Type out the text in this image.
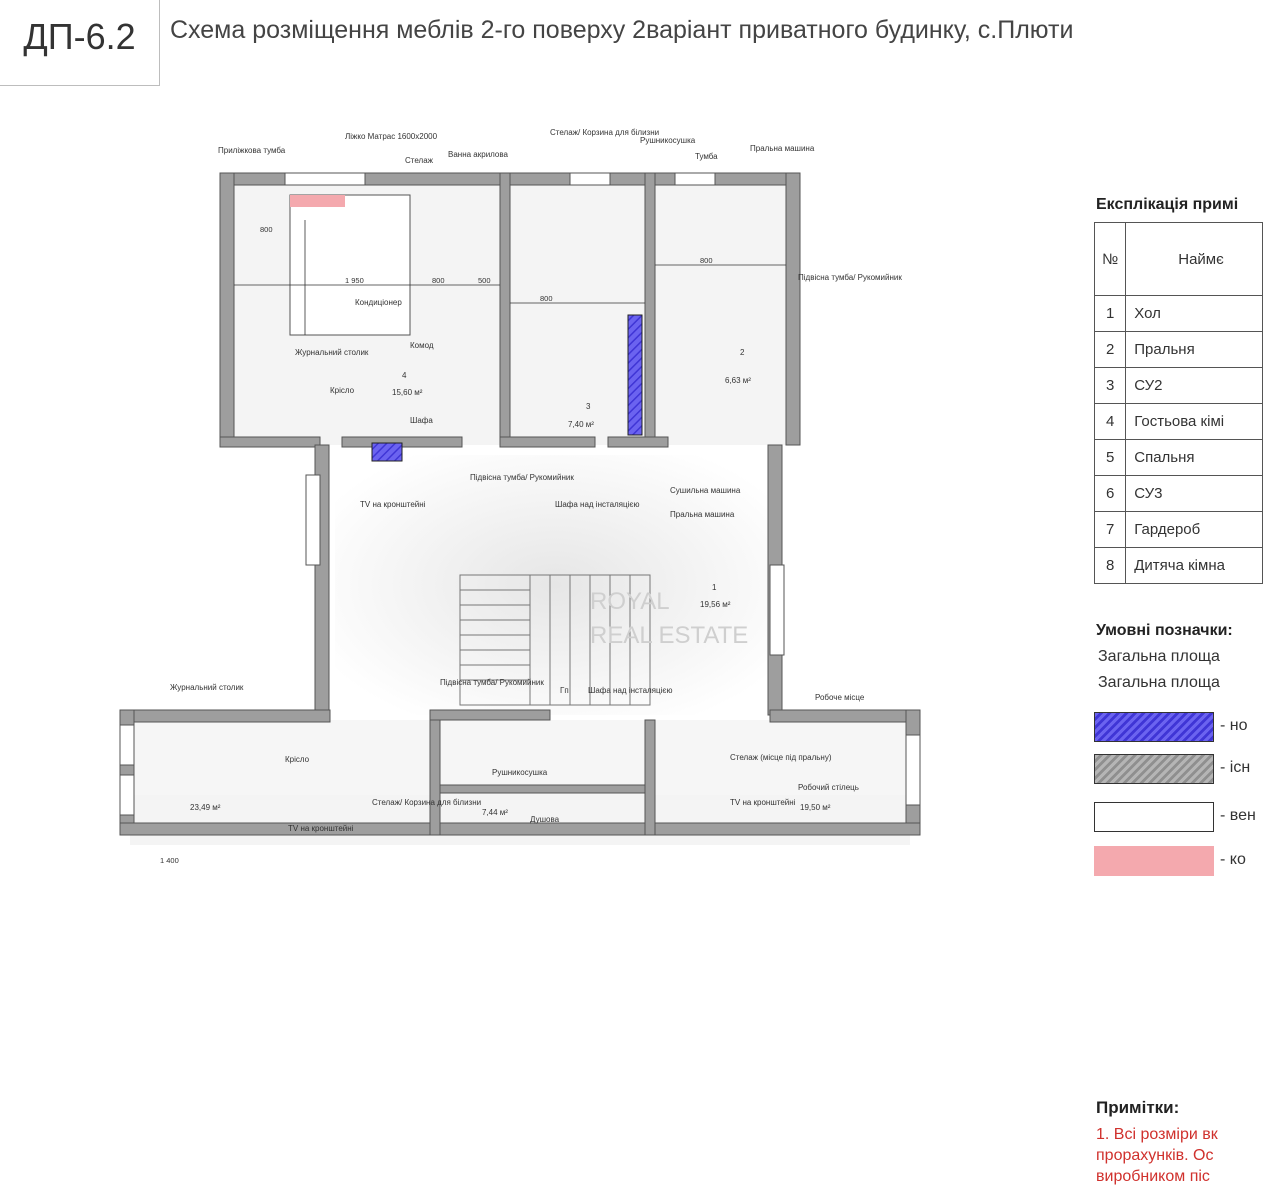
ДП-6.2	Схема розміщення меблів 2-го поверху 2варіант приватного будинку, с.Плюти
Приліжкова тумба
Ліжко Матрас 1600х2000
Стелаж
Ванна акрилова
Стелаж/ Корзина для білизни
Рушникосушка
Тумба
Пральна машина
Підвісна тумба/ Рукомийник
Кондиціонер
Комод
Журнальний столик
Крісло
Шафа
ТV на кронштейні
Підвісна тумба/ Рукомийник
Шафа над інсталяцією
Сушильна машина
Пральна машина
Підвісна тумба/ Рукомийник
Гп Шафа над інсталяцією
Журнальний столик
Крісло
Стелаж/ Корзина для білизни
ТV на кронштейні
Рушникосушка
Душова
Стелаж (місце під пральну)
ТV на кронштейні
Робоче місце
Робочий стілець
1
19,56 м²
2
6,63 м²
3
7,40 м²
4
15,60 м²
23,49 м²
7,44 м²
19,50 м²
800
1 950	800	500
800
800
1 400
ROYAL
REAL ESTATE
Експлікація примі
№	Наймє
1	Хол
2	Пральня
3	СУ2
4	Гостьова кімі
5	Спальня
6	СУ3
7	Гардероб
8	Дитяча кімна
Умовні позначки:
Загальна площа
Загальна площа
- но
- існ
- вен
- ко
Примітки:
1. Всі розміри вк
прорахунків. Ос
виробником піс
